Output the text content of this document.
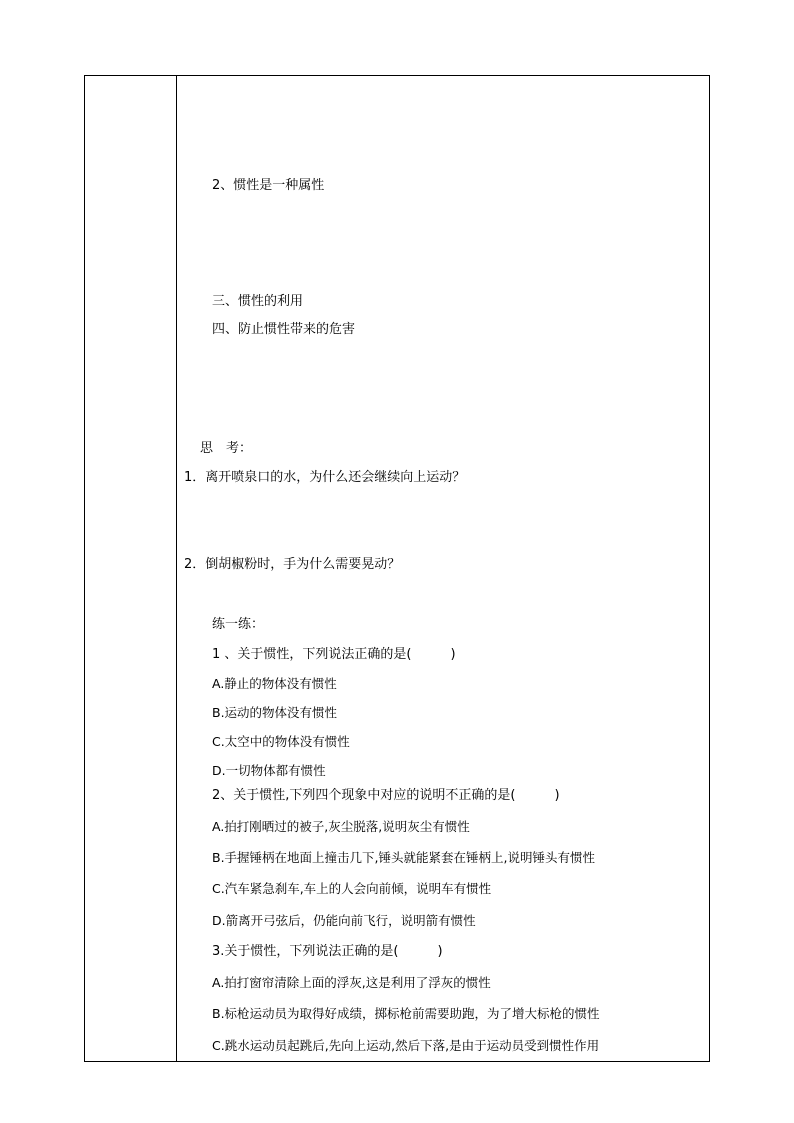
2、惯性是一种属性
三、惯性的利用
四、防止惯性带来的危害
思　考：
1．离开喷泉口的水，为什么还会继续向上运动？
2．倒胡椒粉时，手为什么需要晃动？
练一练：
1 、关于惯性，下列说法正确的是(　　　)
A.静止的物体没有惯性
B.运动的物体没有惯性
C.太空中的物体没有惯性
D.一切物体都有惯性
2、关于惯性,下列四个现象中对应的说明不正确的是(　　　)
A.拍打刚晒过的被子,灰尘脱落,说明灰尘有惯性
B.手握锤柄在地面上撞击几下,锤头就能紧套在锤柄上,说明锤头有惯性
C.汽车紧急刹车,车上的人会向前倾，说明车有惯性
D.箭离开弓弦后，仍能向前飞行，说明箭有惯性
3.关于惯性，下列说法正确的是(　　　)
A.拍打窗帘清除上面的浮灰,这是利用了浮灰的惯性
B.标枪运动员为取得好成绩，掷标枪前需要助跑，为了增大标枪的惯性
C.跳水运动员起跳后,先向上运动,然后下落,是由于运动员受到惯性作用
